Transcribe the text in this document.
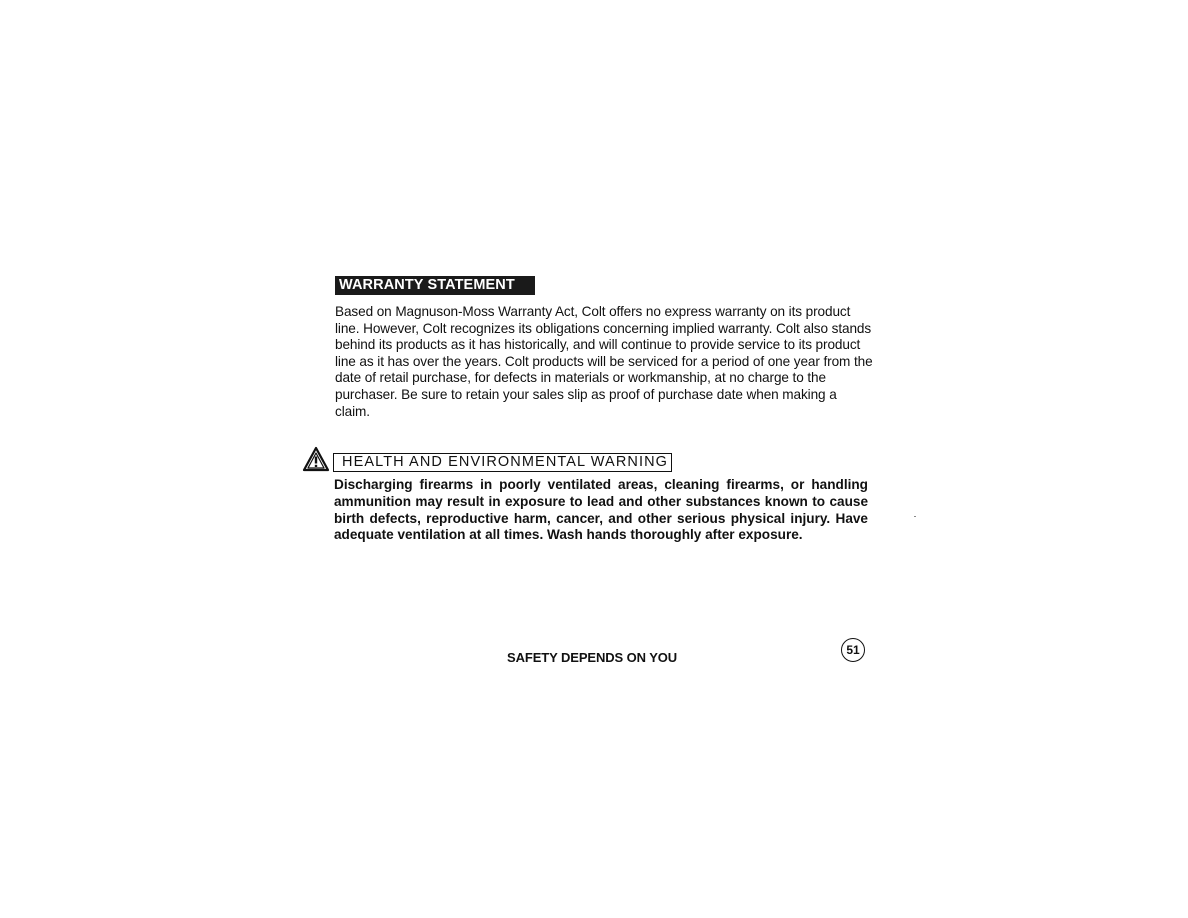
WARRANTY STATEMENT

Based on Magnuson-Moss Warranty Act, Colt offers no express warranty on its product line. However, Colt recognizes its obligations concerning implied warranty. Colt also stands behind its products as it has historically, and will continue to provide service to its product line as it has over the years. Colt products will be serviced for a period of one year from the date of retail purchase, for defects in materials or workmanship, at no charge to the purchaser. Be sure to retain your sales slip as proof of purchase date when making a claim.

HEALTH AND ENVIRONMENTAL WARNING

Discharging firearms in poorly ventilated areas, cleaning firearms, or handling ammunition may result in exposure to lead and other substances known to cause birth defects, reproductive harm, cancer, and other serious physical injury. Have adequate ventilation at all times. Wash hands thoroughly after exposure.

SAFETY DEPENDS ON YOU	51
